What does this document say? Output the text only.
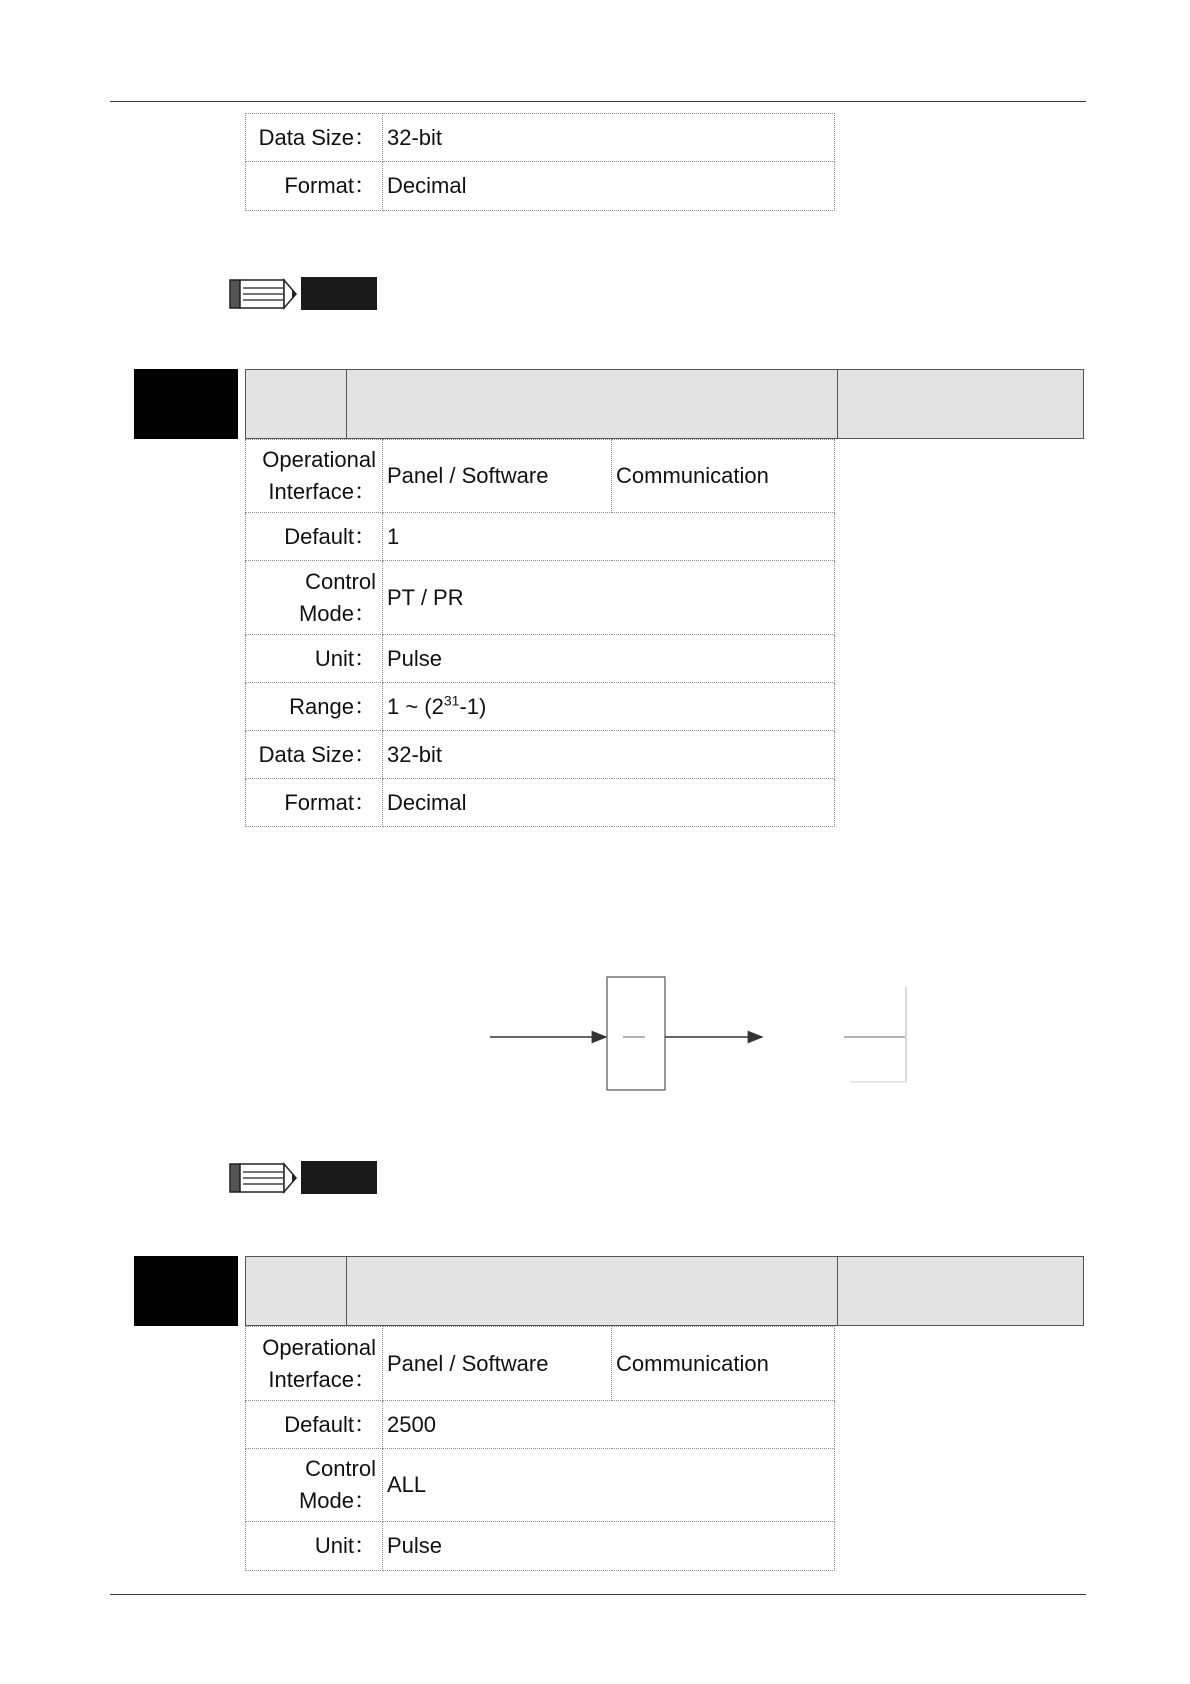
Data Size：	32-bit
Format：	Decimal
Operational
Interface：	Panel / Software	Communication
Default：	1	

Control
Mode：	PT / PR	
Unit：	Pulse	
Range：	1 ~ $(2^{31}-1)$	
Data Size：	32-bit	
Format：	Decimal	
Operational
Interface：	Panel / Software	Communication
Default：	2500	

Control
Mode：	ALL	
Unit：	Pulse	
